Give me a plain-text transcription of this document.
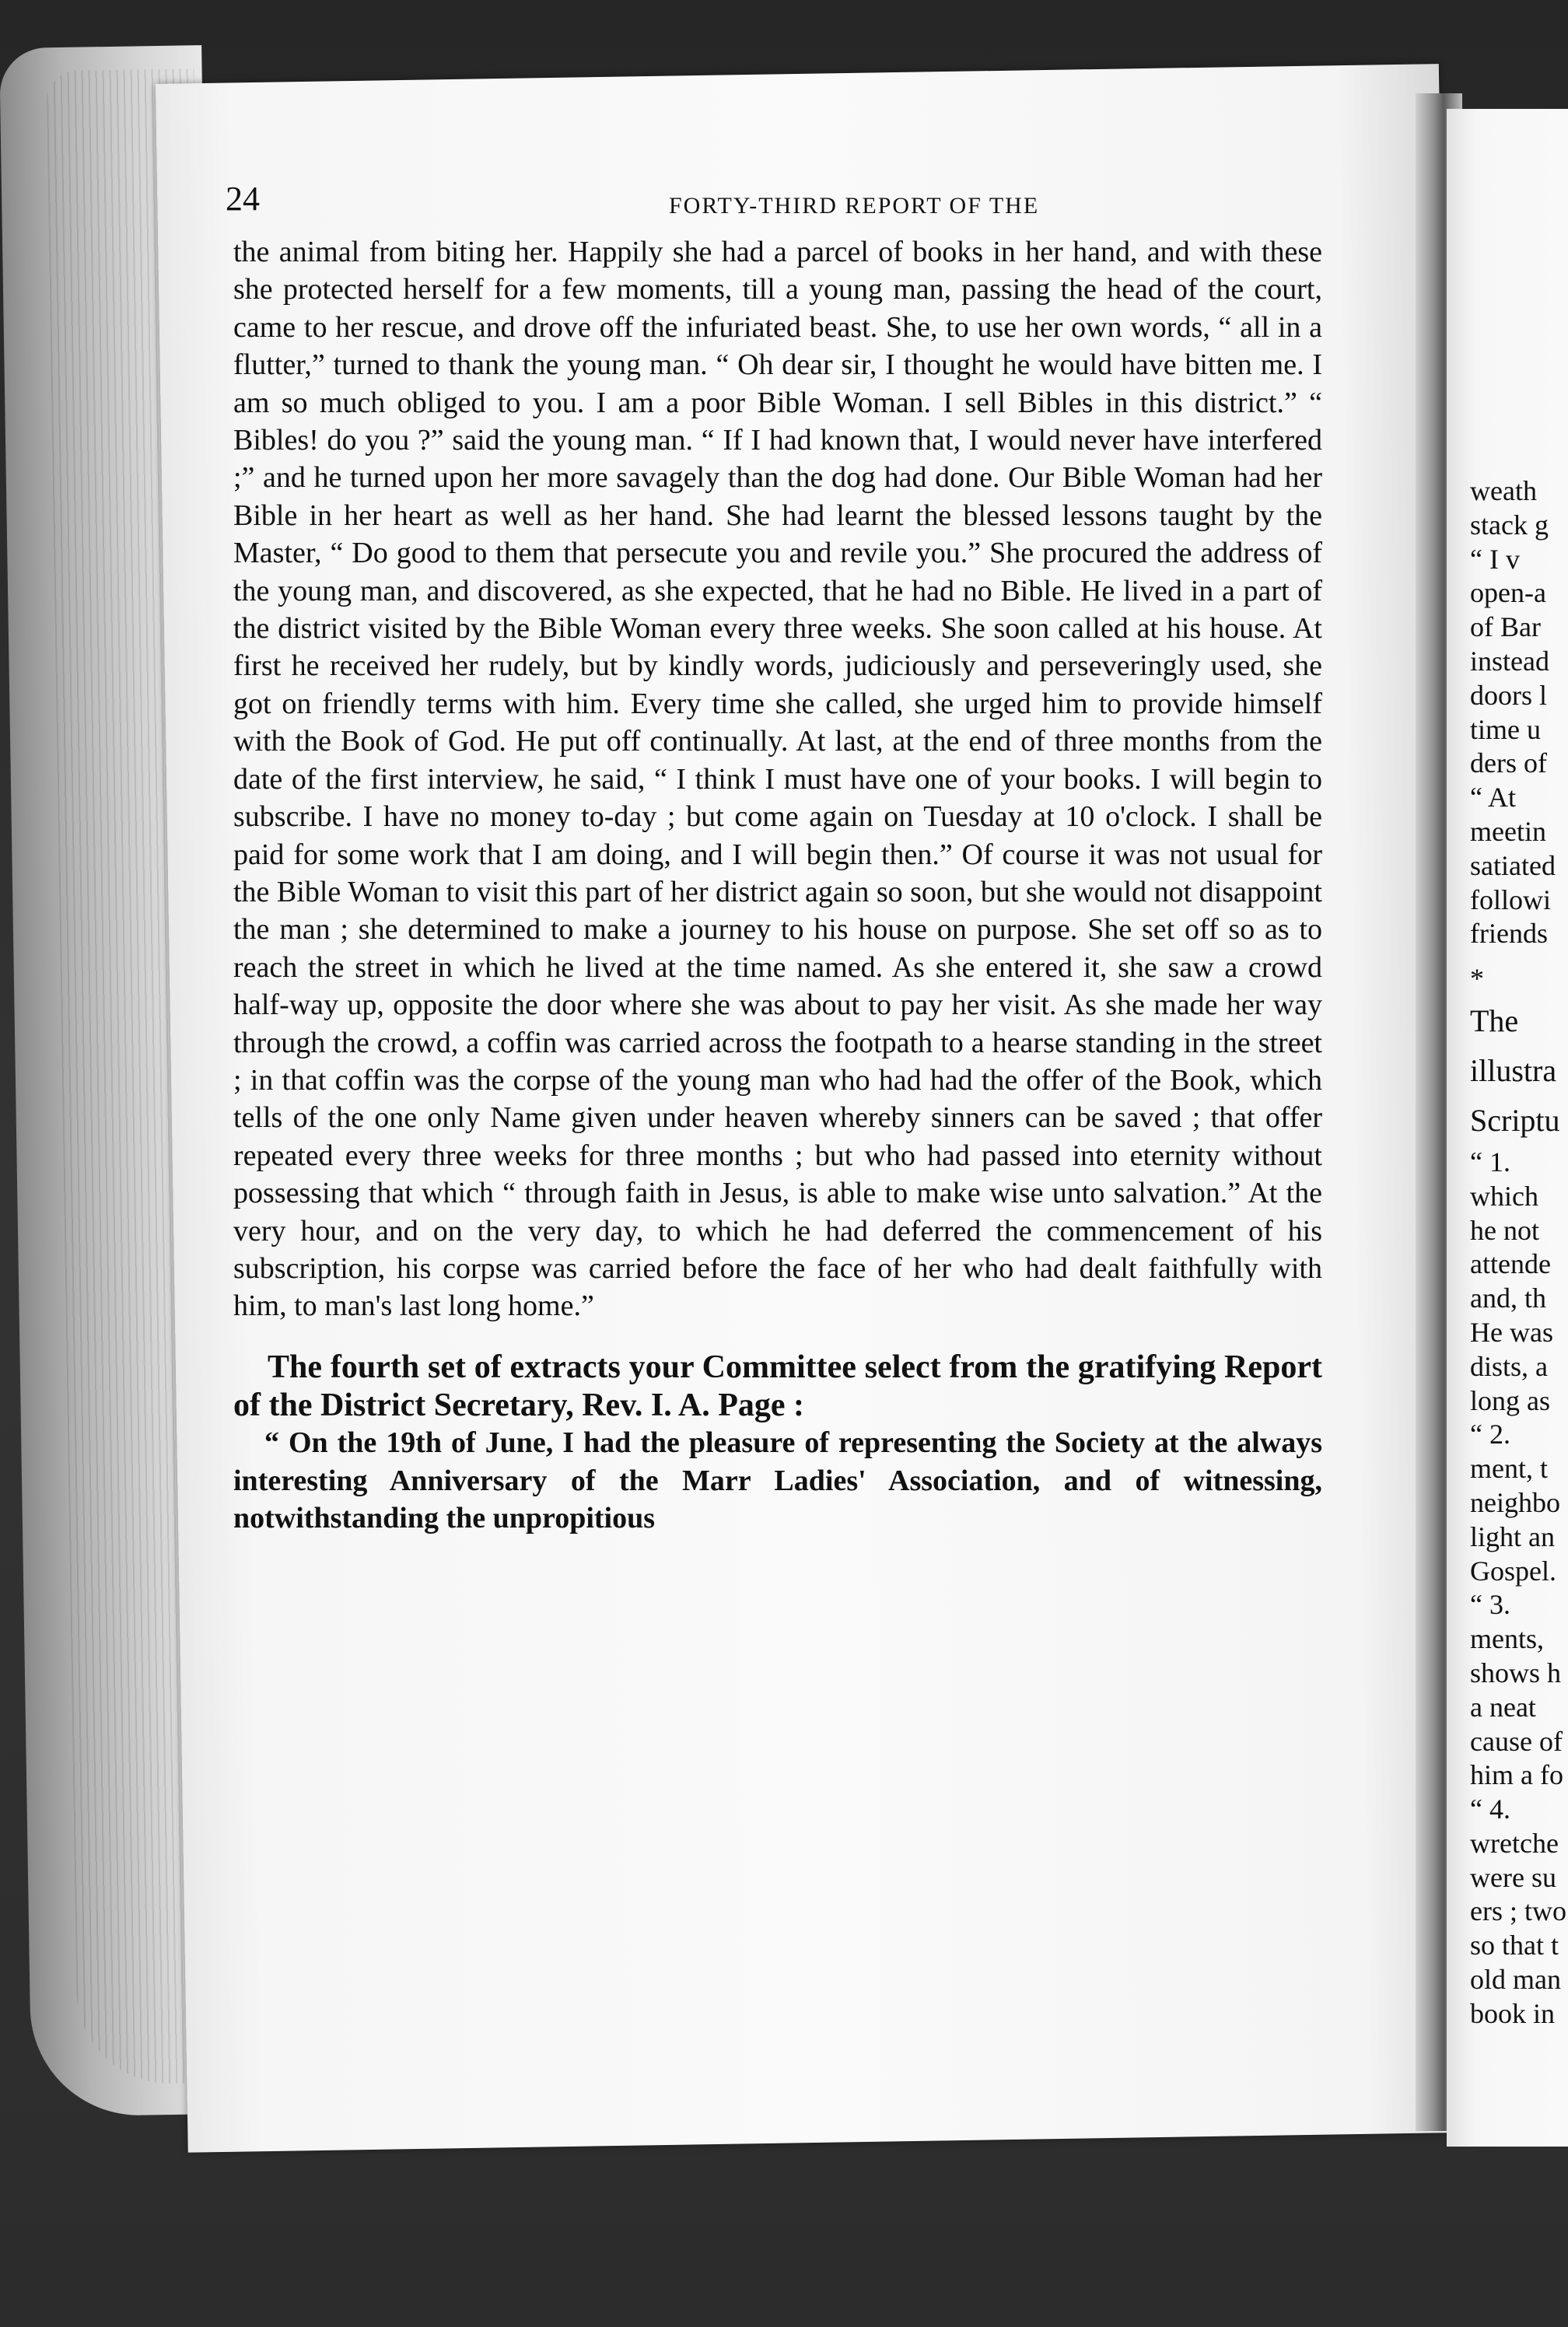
24	FORTY-THIRD REPORT OF THE

the animal from biting her. Happily she had a parcel of books in her hand, and with these she protected herself for a few moments, till a young man, passing the head of the court, came to her rescue, and drove off the infuriated beast. She, to use her own words, “ all in a flutter,” turned to thank the young man. “ Oh dear sir, I thought he would have bitten me. I am so much obliged to you. I am a poor Bible Woman. I sell Bibles in this district.” “ Bibles! do you ?” said the young man. “ If I had known that, I would never have interfered ;” and he turned upon her more savagely than the dog had done. Our Bible Woman had her Bible in her heart as well as her hand. She had learnt the blessed lessons taught by the Master, “ Do good to them that persecute you and revile you.” She procured the address of the young man, and discovered, as she expected, that he had no Bible. He lived in a part of the district visited by the Bible Woman every three weeks. She soon called at his house. At first he received her rudely, but by kindly words, judiciously and perseveringly used, she got on friendly terms with him. Every time she called, she urged him to provide himself with the Book of God. He put off continually. At last, at the end of three months from the date of the first interview, he said, “ I think I must have one of your books. I will begin to subscribe. I have no money to-day ; but come again on Tuesday at 10 o'clock. I shall be paid for some work that I am doing, and I will begin then.” Of course it was not usual for the Bible Woman to visit this part of her district again so soon, but she would not disappoint the man ; she determined to make a journey to his house on purpose. She set off so as to reach the street in which he lived at the time named. As she entered it, she saw a crowd half-way up, opposite the door where she was about to pay her visit. As she made her way through the crowd, a coffin was carried across the footpath to a hearse standing in the street ; in that coffin was the corpse of the young man who had had the offer of the Book, which tells of the one only Name given under heaven whereby sinners can be saved ; that offer repeated every three weeks for three months ; but who had passed into eternity without possessing that which “ through faith in Jesus, is able to make wise unto salvation.” At the very hour, and on the very day, to which he had deferred the commencement of his subscription, his corpse was carried before the face of her who had dealt faithfully with him, to man's last long home.”

The fourth set of extracts your Committee select from the gratifying Report of the District Secretary, Rev. I. A. Page :

“ On the 19th of June, I had the pleasure of representing the Society at the always interesting Anniversary of the Marr Ladies' Association, and of witnessing, notwithstanding the unpropitious

weath
stack g
“ I v
open-a
of Bar
instead
doors l
time u
ders of
“ At
meetin
satiated
followi
friends
*
The
illustra
Scriptu
“ 1.
which
he not
attende
and, th
He was
dists, a
long as
“ 2.
ment, t
neighbo
light an
Gospel.
“ 3.
ments,
shows h
a neat
cause of
him a fo
“ 4.
wretche
were su
ers ; two
so that t
old man
book in
